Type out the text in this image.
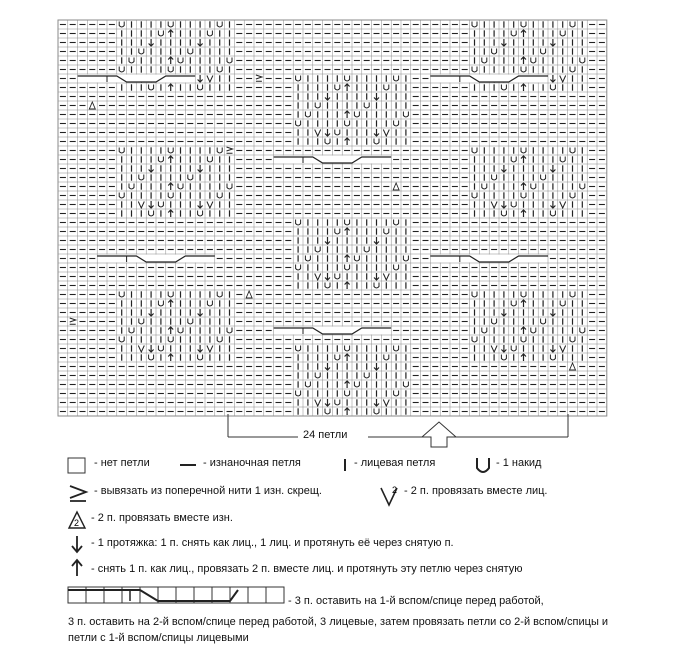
2
2
24 петли
- нет петли	- изнаночная петля	- лицевая петля	- 1 накид
- вывязать из поперечной нити 1 изн. скрещ.	- 2 п. провязать вместе лиц.
- 2 п. провязать вместе изн.
- 1 протяжка: 1 п. снять как лиц., 1 лиц. и протянуть её через снятую п.
- снять 1 п. как лиц., провязать 2 п. вместе лиц. и протянуть эту петлю через снятую
- 3 п. оставить на 1-й вспом/спице перед работой,
3 п. оставить на 2-й вспом/спице перед работой, 3 лицевые, затем провязать петли со 2-й вспом/спицы и петли с 1-й вспом/спицы лицевыми
